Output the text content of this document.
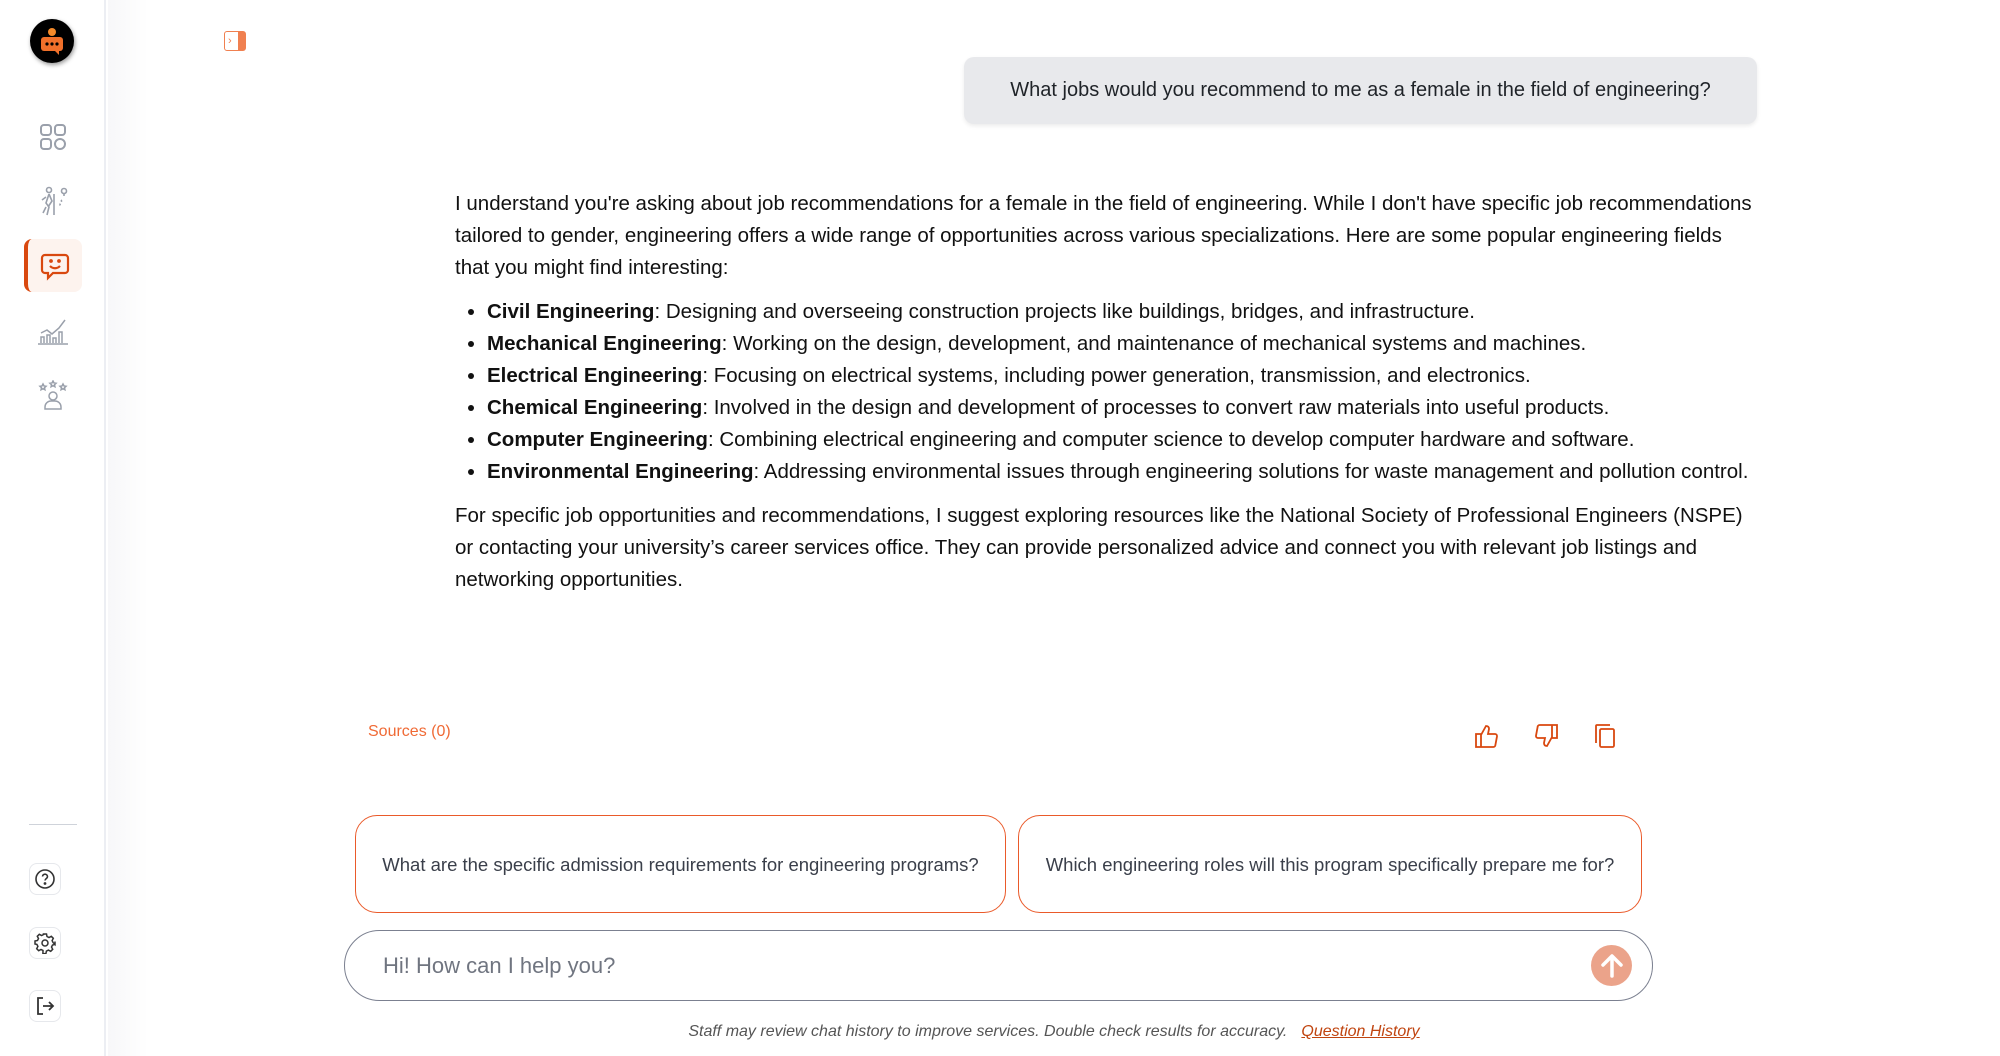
›
What jobs would you recommend to me as a female in the field of engineering?

I understand you're asking about job recommendations for a female in the field of engineering. While I don't have specific job recommendations tailored to gender, engineering offers a wide range of opportunities across various specializations. Here are some popular engineering fields that you might find interesting:

• Civil Engineering: Designing and overseeing construction projects like buildings, bridges, and infrastructure.
• Mechanical Engineering: Working on the design, development, and maintenance of mechanical systems and machines.
• Electrical Engineering: Focusing on electrical systems, including power generation, transmission, and electronics.
• Chemical Engineering: Involved in the design and development of processes to convert raw materials into useful products.
• Computer Engineering: Combining electrical engineering and computer science to develop computer hardware and software.
• Environmental Engineering: Addressing environmental issues through engineering solutions for waste management and pollution control.

For specific job opportunities and recommendations, I suggest exploring resources like the National Society of Professional Engineers (NSPE) or contacting your university’s career services office. They can provide personalized advice and connect you with relevant job listings and networking opportunities.

Sources (0)
What are the specific admission requirements for engineering programs?	Which engineering roles will this program specifically prepare me for?
Hi! How can I help you?
Staff may review chat history to improve services. Double check results for accuracy. Question History
